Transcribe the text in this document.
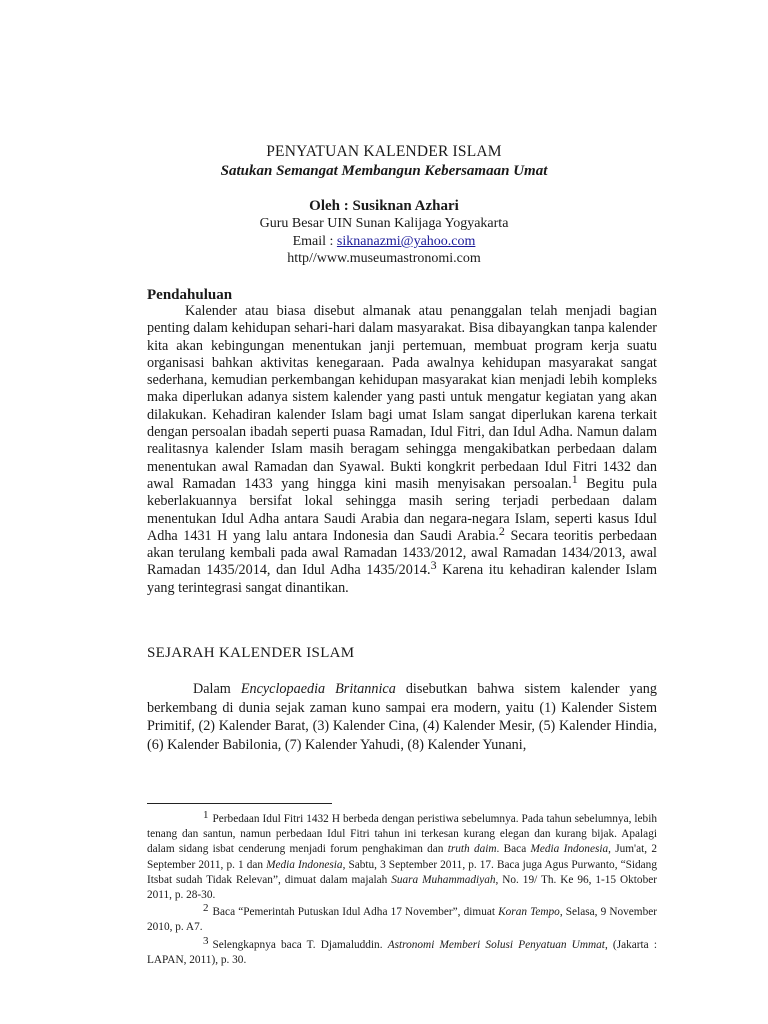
PENYATUAN KALENDER ISLAM
Satukan Semangat Membangun Kebersamaan Umat
Oleh : Susiknan Azhari
Guru Besar UIN Sunan Kalijaga Yogyakarta
Email : siknanazmi@yahoo.com
http//www.museumastronomi.com
Pendahuluan
Kalender atau biasa disebut almanak atau penanggalan telah menjadi bagian penting dalam kehidupan sehari-hari dalam masyarakat. Bisa dibayangkan tanpa kalender kita akan kebingungan menentukan janji pertemuan, membuat program kerja suatu organisasi bahkan aktivitas kenegaraan. Pada awalnya kehidupan masyarakat sangat sederhana, kemudian perkembangan kehidupan masyarakat kian menjadi lebih kompleks maka diperlukan adanya sistem kalender yang pasti untuk mengatur kegiatan yang akan dilakukan. Kehadiran kalender Islam bagi umat Islam sangat diperlukan karena terkait dengan persoalan ibadah seperti puasa Ramadan, Idul Fitri, dan Idul Adha. Namun dalam realitasnya kalender Islam masih beragam sehingga mengakibatkan perbedaan dalam menentukan awal Ramadan dan Syawal. Bukti kongkrit perbedaan Idul Fitri 1432 dan awal Ramadan 1433 yang hingga kini masih menyisakan persoalan.$^1$ Begitu pula keberlakuannya bersifat lokal sehingga masih sering terjadi perbedaan dalam menentukan Idul Adha antara Saudi Arabia dan negara-negara Islam, seperti kasus Idul Adha 1431 H yang lalu antara Indonesia dan Saudi Arabia.$^2$ Secara teoritis perbedaan akan terulang kembali pada awal Ramadan 1433/2012, awal Ramadan 1434/2013, awal Ramadan 1435/2014, dan Idul Adha 1435/2014.$^3$ Karena itu kehadiran kalender Islam yang terintegrasi sangat dinantikan.
SEJARAH KALENDER ISLAM
Dalam Encyclopaedia Britannica disebutkan bahwa sistem kalender yang berkembang di dunia sejak zaman kuno sampai era modern, yaitu (1) Kalender Sistem Primitif, (2) Kalender Barat, (3) Kalender Cina, (4) Kalender Mesir, (5) Kalender Hindia, (6) Kalender Babilonia, (7) Kalender Yahudi, (8) Kalender Yunani,

$^1$ Perbedaan Idul Fitri 1432 H berbeda dengan peristiwa sebelumnya. Pada tahun sebelumnya, lebih tenang dan santun, namun perbedaan Idul Fitri tahun ini terkesan kurang elegan dan kurang bijak. Apalagi dalam sidang isbat cenderung menjadi forum penghakiman dan truth daim. Baca Media Indonesia, Jum'at, 2 September 2011, p. 1 dan Media Indonesia, Sabtu, 3 September 2011, p. 17. Baca juga Agus Purwanto, “Sidang Itsbat sudah Tidak Relevan”, dimuat dalam majalah Suara Muhammadiyah, No. 19/ Th. Ke 96, 1-15 Oktober 2011, p. 28-30.

$^2$ Baca “Pemerintah Putuskan Idul Adha 17 November”, dimuat Koran Tempo, Selasa, 9 November 2010, p. A7.

$^3$ Selengkapnya baca T. Djamaluddin. Astronomi Memberi Solusi Penyatuan Ummat, (Jakarta : LAPAN, 2011), p. 30.
